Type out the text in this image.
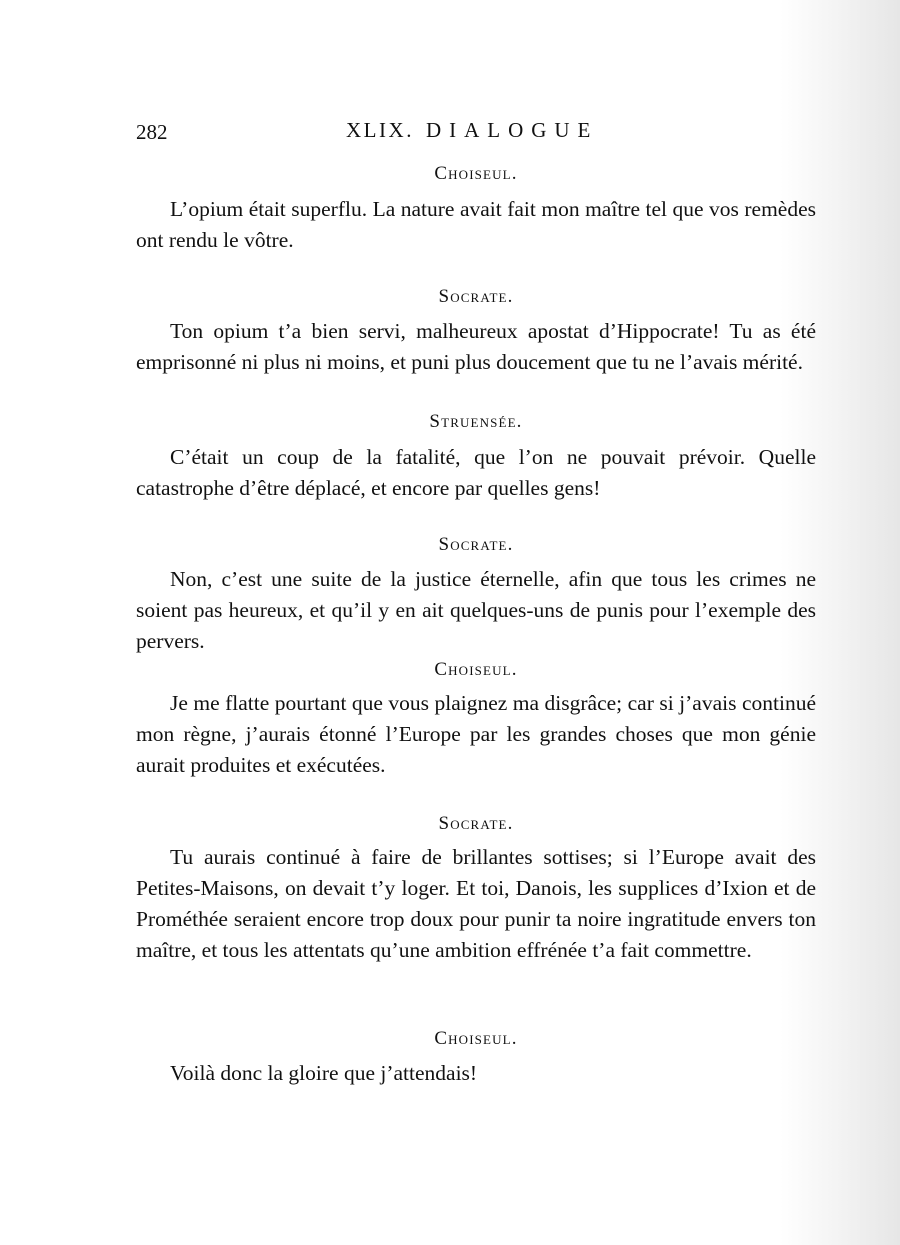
282	XLIX. DIALOGUE
Choiseul.
L’opium était superflu. La nature avait fait mon maître tel que vos remèdes ont rendu le vôtre.
Socrate.
Ton opium t’a bien servi, malheureux apostat d’Hippocrate! Tu as été emprisonné ni plus ni moins, et puni plus doucement que tu ne l’avais mérité.
Struensée.
C’était un coup de la fatalité, que l’on ne pouvait prévoir. Quelle catastrophe d’être déplacé, et encore par quelles gens!
Socrate.
Non, c’est une suite de la justice éternelle, afin que tous les crimes ne soient pas heureux, et qu’il y en ait quelques-uns de punis pour l’exemple des pervers.
Choiseul.
Je me flatte pourtant que vous plaignez ma disgrâce; car si j’avais continué mon règne, j’aurais étonné l’Europe par les grandes choses que mon génie aurait produites et exécutées.
Socrate.
Tu aurais continué à faire de brillantes sottises; si l’Europe avait des Petites-Maisons, on devait t’y loger. Et toi, Danois, les supplices d’Ixion et de Prométhée seraient encore trop doux pour punir ta noire ingratitude envers ton maître, et tous les attentats qu’une ambition effrénée t’a fait commettre.
Choiseul.
Voilà donc la gloire que j’attendais!
